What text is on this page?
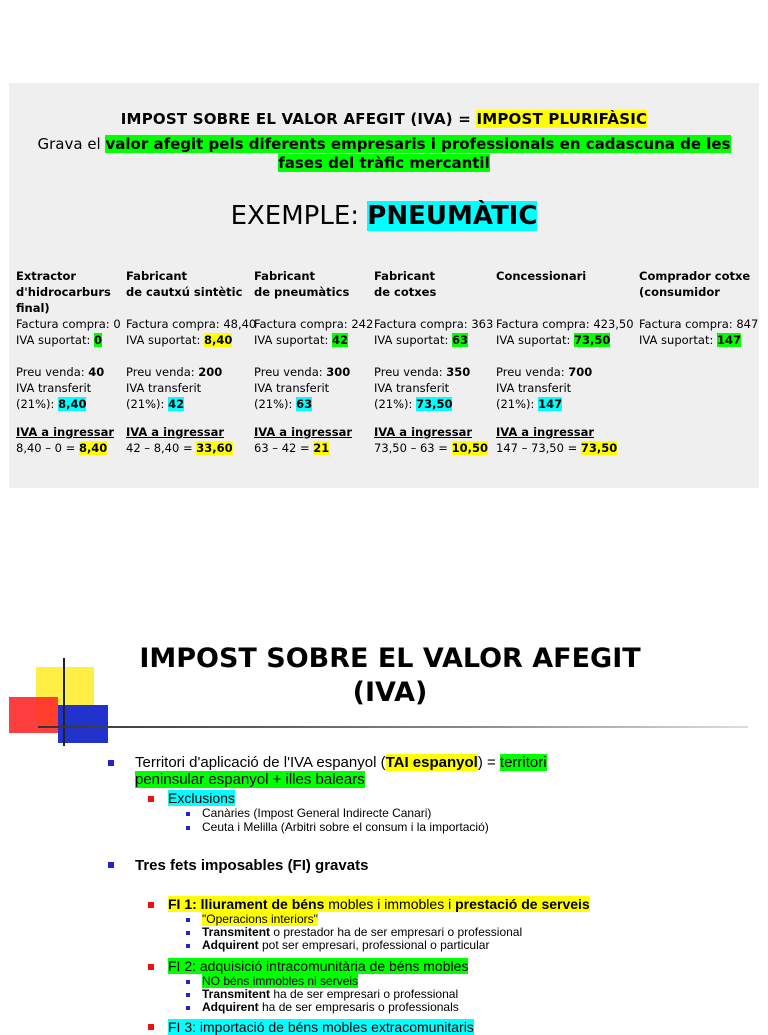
IMPOST SOBRE EL VALOR AFEGIT (IVA) = IMPOST PLURIFÀSIC
Grava el valor afegit pels diferents empresaris i professionals en cadascuna de les fases del tràfic mercantil
EXEMPLE: PNEUMÀTIC
Extractor
d'hidrocarburs
final)
Factura compra: 0
IVA suportat: 0
Preu venda: 40
IVA transferit
(21%): 8,40
IVA a ingressar
8,40 – 0 = 8,40
Fabricant
de cautxú sintètic
Factura compra: 48,40
IVA suportat: 8,40
Preu venda: 200
IVA transferit
(21%): 42
IVA a ingressar
42 – 8,40 = 33,60
Fabricant
de pneumàtics
Factura compra: 242
IVA suportat: 42
Preu venda: 300
IVA transferit
(21%): 63
IVA a ingressar
63 – 42 = 21
Fabricant
de cotxes
Factura compra: 363
IVA suportat: 63
Preu venda: 350
IVA transferit
(21%): 73,50
IVA a ingressar
73,50 – 63 = 10,50
Concessionari
Factura compra: 423,50
IVA suportat: 73,50
Preu venda: 700
IVA transferit
(21%): 147
IVA a ingressar
147 – 73,50 = 73,50
Comprador cotxe
(consumidor
Factura compra: 847
IVA suportat: 147
IMPOST SOBRE EL VALOR AFEGIT
(IVA)
Territori d'aplicació de l'IVA espanyol (TAI espanyol) = territori
peninsular espanyol + illes balears
Exclusions
Canàries (Impost General Indirecte Canari)
Ceuta i Melilla (Arbitri sobre el consum i la importació)
Tres fets imposables (FI) gravats
FI 1: lliurament de béns mobles i immobles i prestació de serveis
"Operacions interiors"
Transmitent o prestador ha de ser empresari o professional
Adquirent pot ser empresari, professional o particular
FI 2: adquisició intracomunitària de béns mobles
NO béns immobles ni serveis
Transmitent ha de ser empresari o professional
Adquirent ha de ser empresaris o professionals
FI 3: importació de béns mobles extracomunitaris
